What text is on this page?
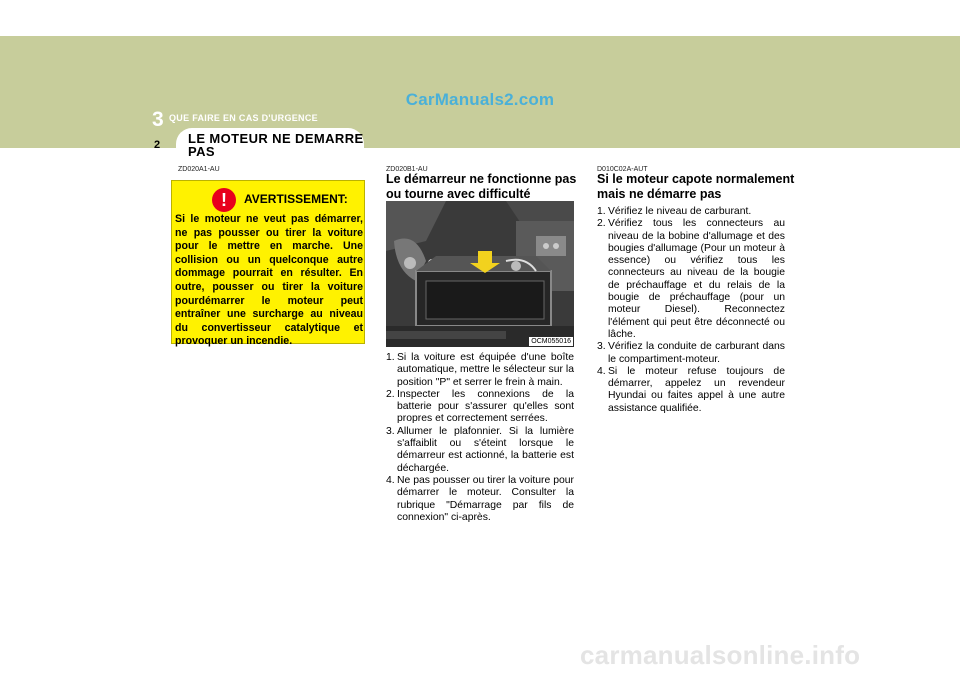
CarManuals2.com
3 QUE FAIRE EN CAS D'URGENCE
2 LE MOTEUR NE DEMARRE
PAS
ZD020A1-AU
!	AVERTISSEMENT:

Si le moteur ne veut pas démarrer, ne pas pousser ou tirer la voiture pour le mettre en marche. Une collision ou un quelconque autre dommage pourrait en résulter. En outre, pousser ou tirer la voiture pourdémarrer le moteur peut entraîner une surcharge au niveau du convertisseur catalytique et provoquer un incendie.

ZD020B1-AU
Le démarreur ne fonctionne pas
ou tourne avec difficulté
OCM055016
1. Si la voiture est équipée d'une boîte automatique, mettre le sélecteur sur la position "P" et serrer le frein à main.
2. Inspecter les connexions de la batterie pour s'assurer qu'elles sont propres et correctement serrées.
3. Allumer le plafonnier. Si la lumière s'affaiblit ou s'éteint lorsque le démarreur est actionné, la batterie est déchargée.
4. Ne pas pousser ou tirer la voiture pour démarrer le moteur. Consulter la rubrique "Démarrage par fils de connexion" ci-après.
D010C02A-AUT
Si le moteur capote normalement
mais ne démarre pas
1. Vérifiez le niveau de carburant.
2. Vérifiez tous les connecteurs au niveau de la bobine d'allumage et des bougies d'allumage (Pour un moteur à essence) ou vérifiez tous les connecteurs au niveau de la bougie de préchauffage et du relais de la bougie de préchauffage (pour un moteur Diesel). Reconnectez l'élément qui peut être déconnecté ou lâche.
3. Vérifiez la conduite de carburant dans le compartiment-moteur.
4. Si le moteur refuse toujours de démarrer, appelez un revendeur Hyundai ou faites appel à une autre assistance qualifiée.
carmanualsonline.info
